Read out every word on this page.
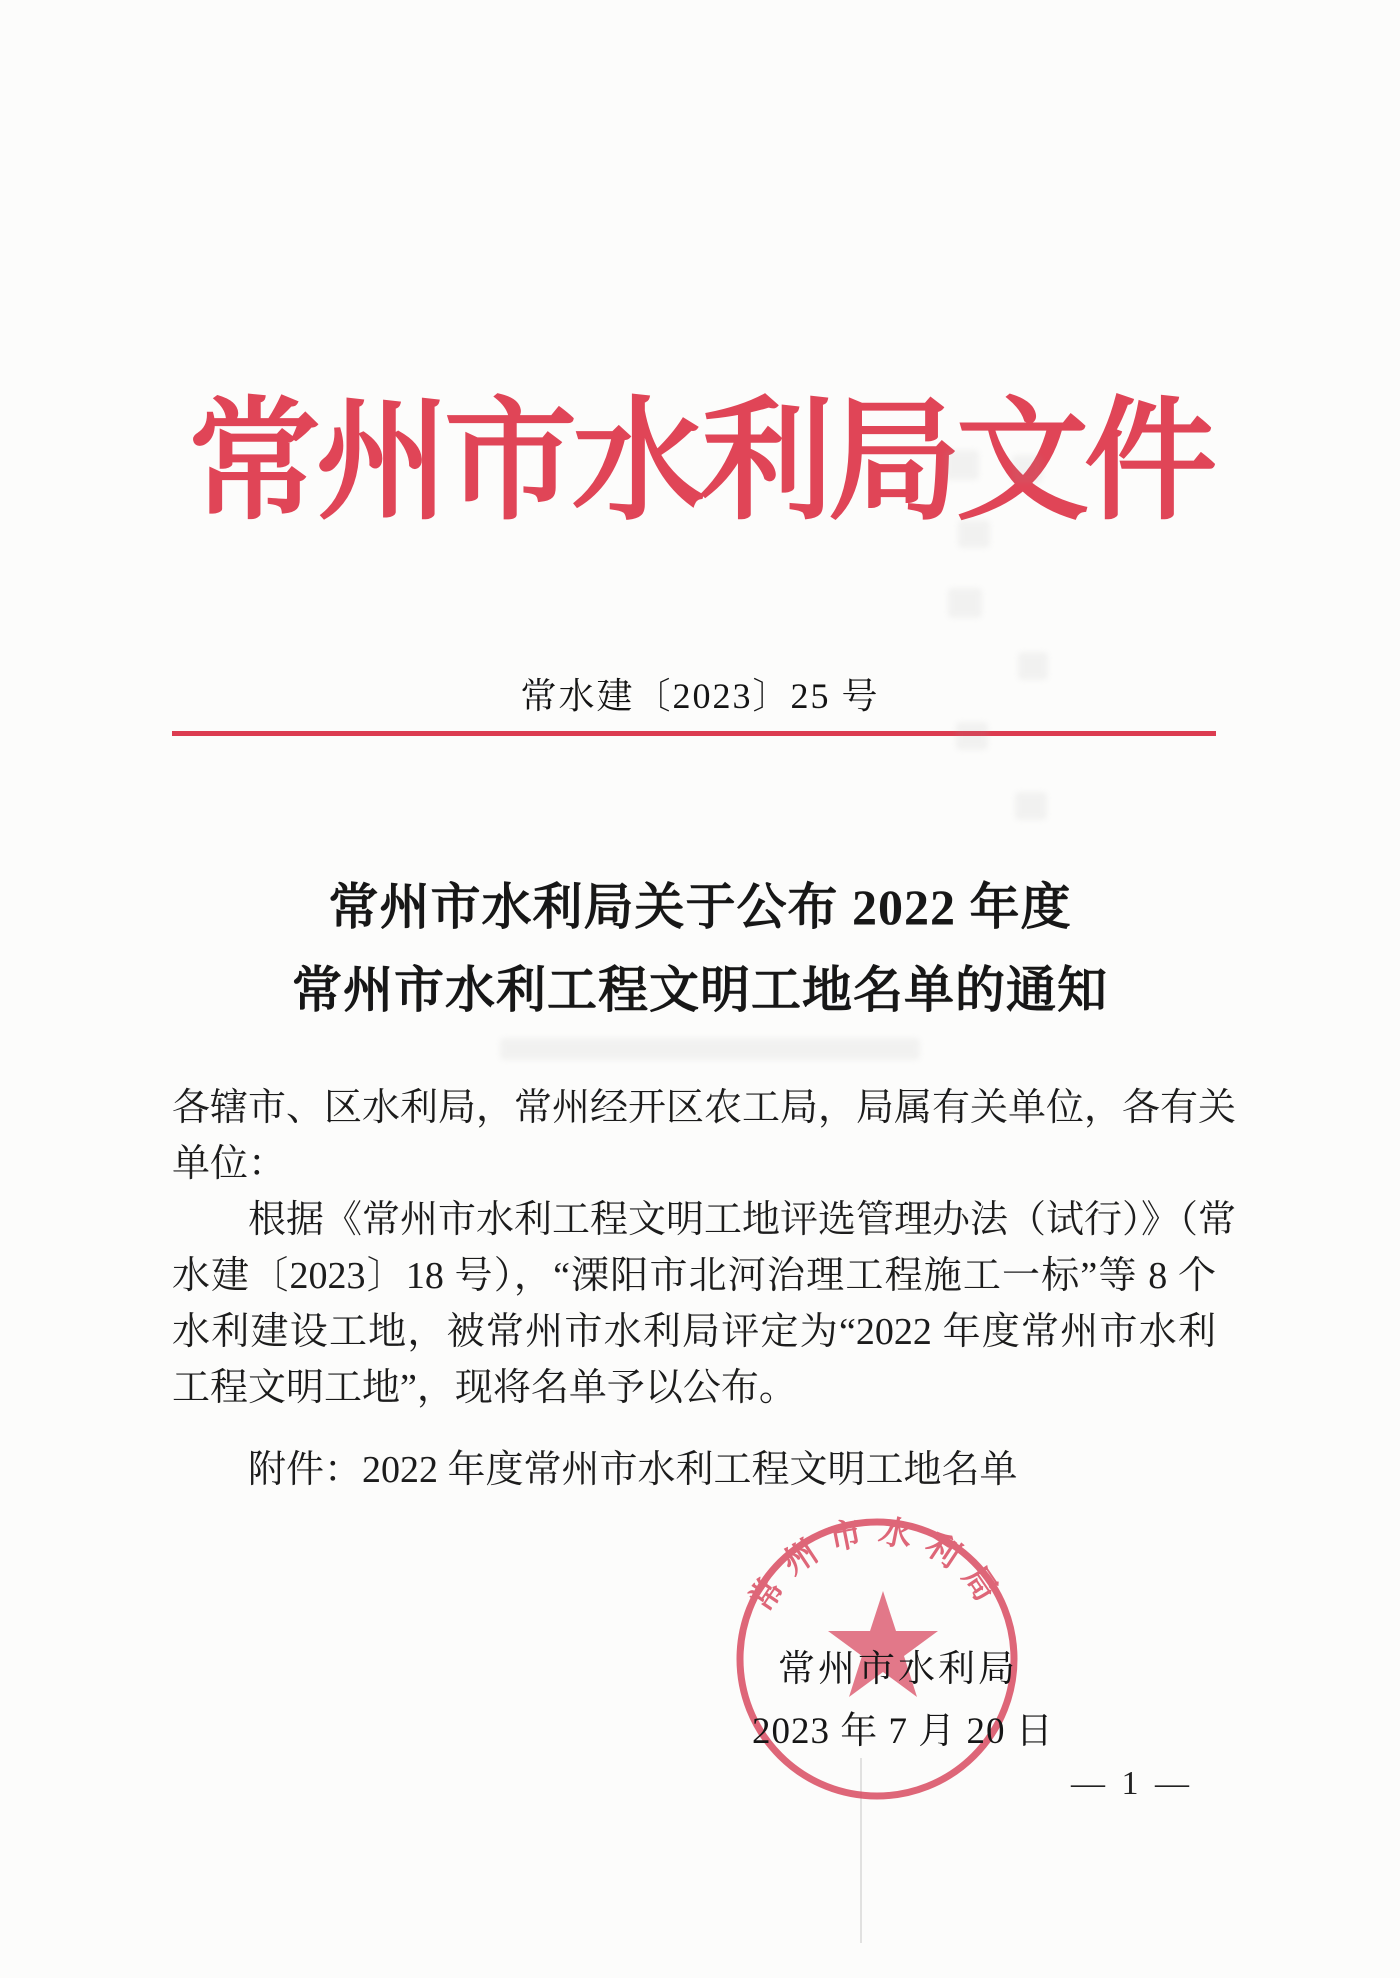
常州市水利局文件
常水建〔2023〕25 号
常州市水利局关于公布 2022 年度
常州市水利工程文明工地名单的通知
各辖市、区水利局，常州经开区农工局，局属有关单位，各有关
单位：
根据《常州市水利工程文明工地评选管理办法（试行）》（常
水建〔2023〕18 号），“溧阳市北河治理工程施工一标”等 8 个
水利建设工地，被常州市水利局评定为“2022 年度常州市水利
工程文明工地”，现将名单予以公布。
附件：2022 年度常州市水利工程文明工地名单
常州市水利局
常州市水利局
2023 年 7 月 20 日
— 1 —
